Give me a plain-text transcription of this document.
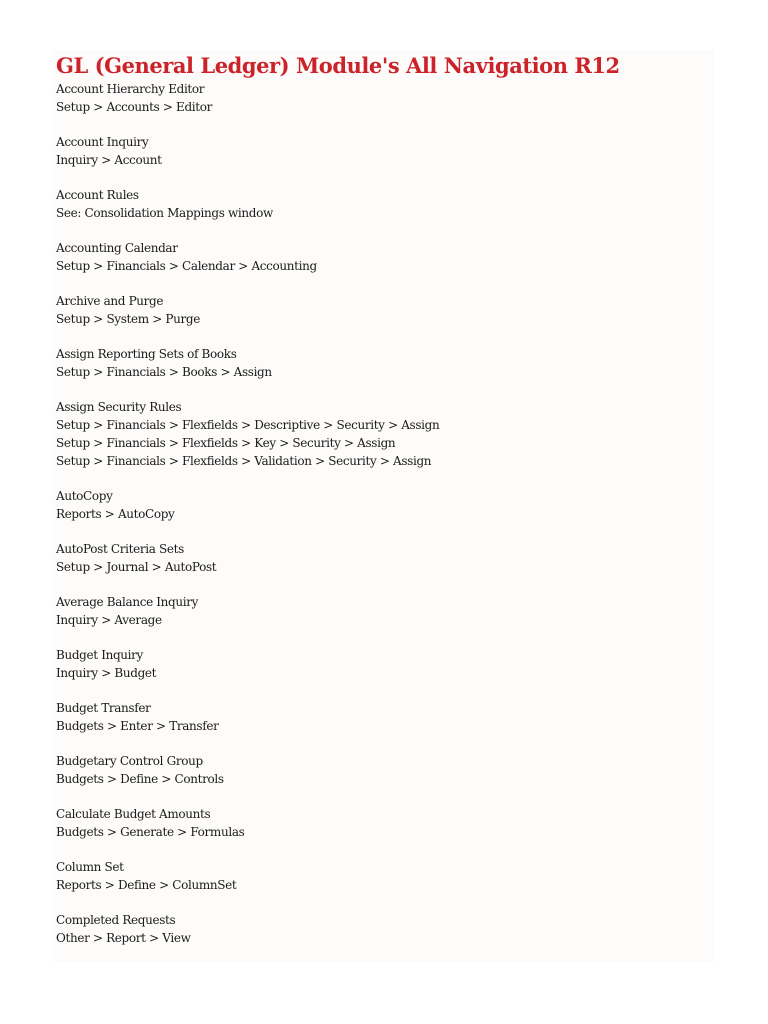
GL (General Ledger) Module's All Navigation R12
Account Hierarchy Editor
Setup > Accounts > Editor
Account Inquiry
Inquiry > Account
Account Rules
See: Consolidation Mappings window
Accounting Calendar
Setup > Financials > Calendar > Accounting
Archive and Purge
Setup > System > Purge
Assign Reporting Sets of Books
Setup > Financials > Books > Assign
Assign Security Rules
Setup > Financials > Flexfields > Descriptive > Security > Assign
Setup > Financials > Flexfields > Key > Security > Assign
Setup > Financials > Flexfields > Validation > Security > Assign
AutoCopy
Reports > AutoCopy
AutoPost Criteria Sets
Setup > Journal > AutoPost
Average Balance Inquiry
Inquiry > Average
Budget Inquiry
Inquiry > Budget
Budget Transfer
Budgets > Enter > Transfer
Budgetary Control Group
Budgets > Define > Controls
Calculate Budget Amounts
Budgets > Generate > Formulas
Column Set
Reports > Define > ColumnSet
Completed Requests
Other > Report > View
